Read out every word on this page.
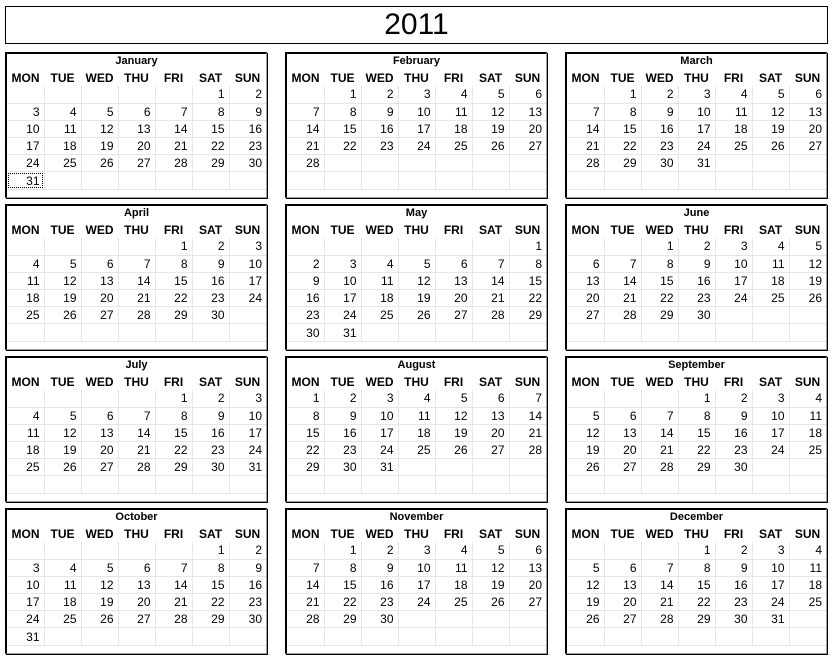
2011
January
MON	TUE	WED	THU	FRI	SAT	SUN
					1	2
3	4	5	6	7	8	9
10	11	12	13	14	15	16
17	18	19	20	21	22	23
24	25	26	27	28	29	30
31						
February
MON	TUE	WED	THU	FRI	SAT	SUN
	1	2	3	4	5	6
7	8	9	10	11	12	13
14	15	16	17	18	19	20
21	22	23	24	25	26	27
28						

March
MON	TUE	WED	THU	FRI	SAT	SUN
	1	2	3	4	5	6
7	8	9	10	11	12	13
14	15	16	17	18	19	20
21	22	23	24	25	26	27
28	29	30	31			

April
MON	TUE	WED	THU	FRI	SAT	SUN
				1	2	3
4	5	6	7	8	9	10
11	12	13	14	15	16	17
18	19	20	21	22	23	24
25	26	27	28	29	30	

May
MON	TUE	WED	THU	FRI	SAT	SUN
						1
2	3	4	5	6	7	8
9	10	11	12	13	14	15
16	17	18	19	20	21	22
23	24	25	26	27	28	29
30	31					
June
MON	TUE	WED	THU	FRI	SAT	SUN
		1	2	3	4	5
6	7	8	9	10	11	12
13	14	15	16	17	18	19
20	21	22	23	24	25	26
27	28	29	30			

July
MON	TUE	WED	THU	FRI	SAT	SUN
				1	2	3
4	5	6	7	8	9	10
11	12	13	14	15	16	17
18	19	20	21	22	23	24
25	26	27	28	29	30	31

August
MON	TUE	WED	THU	FRI	SAT	SUN
1	2	3	4	5	6	7
8	9	10	11	12	13	14
15	16	17	18	19	20	21
22	23	24	25	26	27	28
29	30	31				

September
MON	TUE	WED	THU	FRI	SAT	SUN
			1	2	3	4
5	6	7	8	9	10	11
12	13	14	15	16	17	18
19	20	21	22	23	24	25
26	27	28	29	30		

October
MON	TUE	WED	THU	FRI	SAT	SUN
					1	2
3	4	5	6	7	8	9
10	11	12	13	14	15	16
17	18	19	20	21	22	23
24	25	26	27	28	29	30
31						
November
MON	TUE	WED	THU	FRI	SAT	SUN
	1	2	3	4	5	6
7	8	9	10	11	12	13
14	15	16	17	18	19	20
21	22	23	24	25	26	27
28	29	30				

December
MON	TUE	WED	THU	FRI	SAT	SUN
			1	2	3	4
5	6	7	8	9	10	11
12	13	14	15	16	17	18
19	20	21	22	23	24	25
26	27	28	29	30	31	
